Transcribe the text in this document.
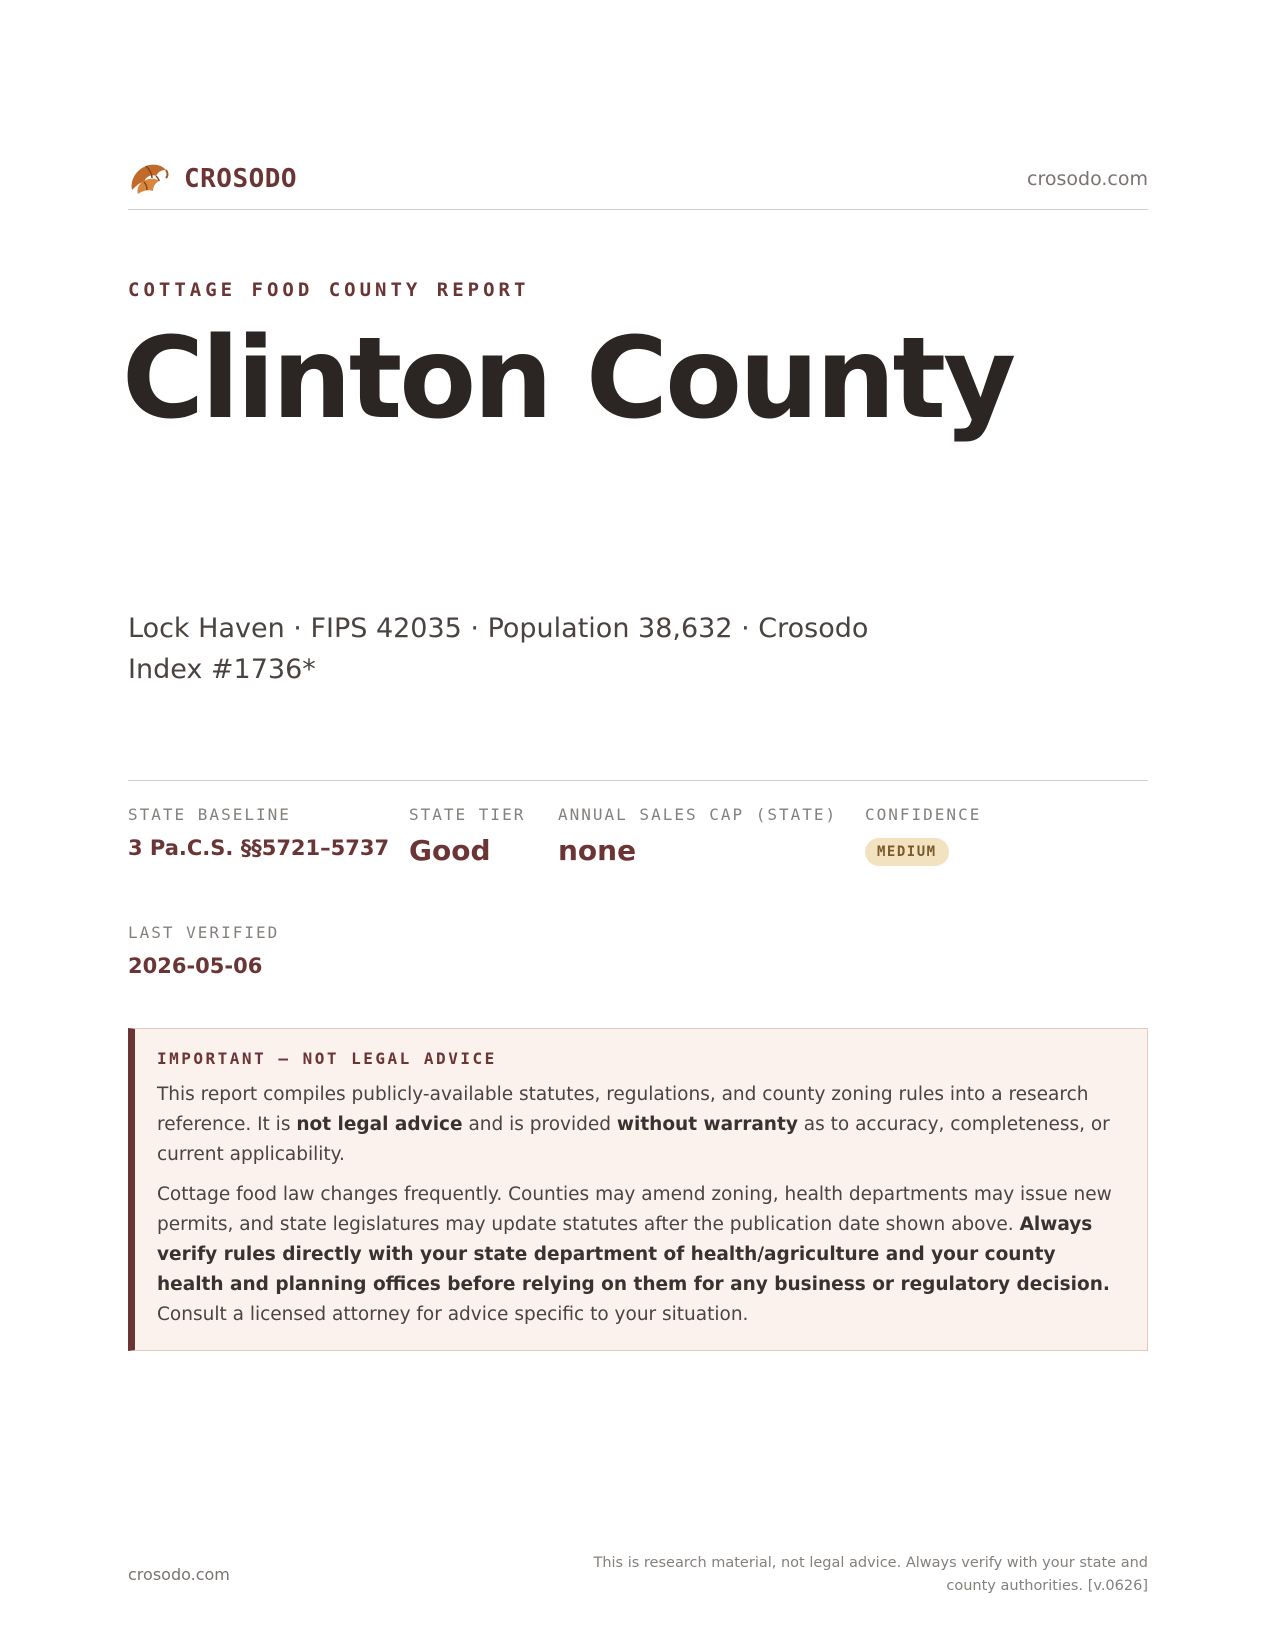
CROSODO	crosodo.com
COTTAGE FOOD COUNTY REPORT
Clinton County
Lock Haven · FIPS 42035 · Population 38,632 · Crosodo Index #1736*
STATE BASELINE
3 Pa.C.S. §§5721–5737
STATE TIER
Good
ANNUAL SALES CAP (STATE)
none
CONFIDENCE
MEDIUM
LAST VERIFIED
2026-05-06
IMPORTANT — NOT LEGAL ADVICE

This report compiles publicly-available statutes, regulations, and county zoning rules into a research reference. It is not legal advice and is provided without warranty as to accuracy, completeness, or current applicability.

Cottage food law changes frequently. Counties may amend zoning, health departments may issue new permits, and state legislatures may update statutes after the publication date shown above. Always verify rules directly with your state department of health/agriculture and your county health and planning offices before relying on them for any business or regulatory decision. Consult a licensed attorney for advice specific to your situation.

crosodo.com
This is research material, not legal advice. Always verify with your state and county authorities. [v.0626]
